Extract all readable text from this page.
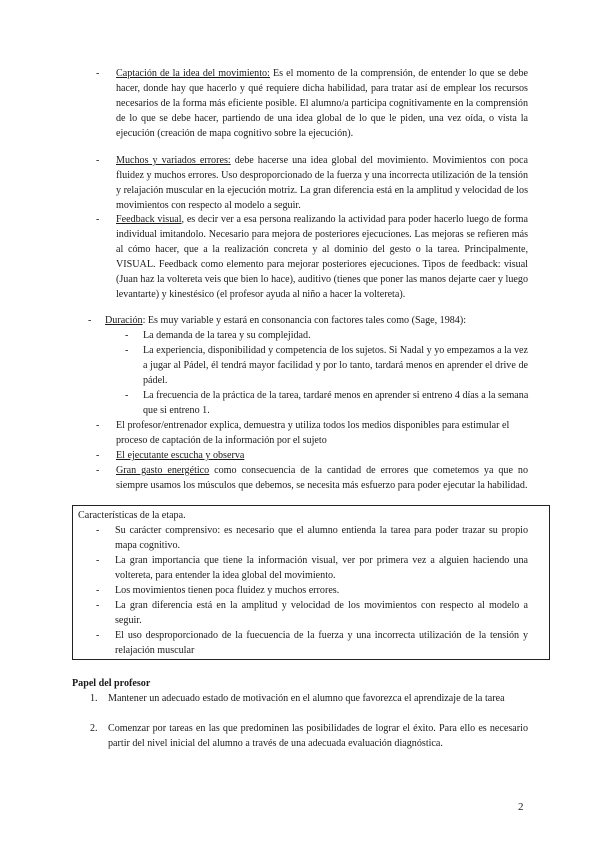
-	Captación de la idea del movimiento: Es el momento de la comprensión, de entender lo que se debe hacer, donde hay que hacerlo y qué requiere dicha habilidad, para tratar así de emplear los recursos necesarios de la forma más eficiente posible. El alumno/a participa cognitivamente en la comprensión de lo que se debe hacer, partiendo de una idea global de lo que le piden, una vez oída, o vista la ejecución (creación de mapa cognitivo sobre la ejecución).
-	Muchos y variados errores: debe hacerse una idea global del movimiento. Movimientos con poca fluidez y muchos errores. Uso desproporcionado de la fuerza y una incorrecta utilización de la tensión y relajación muscular en la ejecución motriz. La gran diferencia está en la amplitud y velocidad de los movimientos con respecto al modelo a seguir.
-	Feedback visual, es decir ver a esa persona realizando la actividad para poder hacerlo luego de forma individual imitandolo. Necesario para mejora de posteriores ejecuciones. Las mejoras se refieren más al cómo hacer, que a la realización concreta y al dominio del gesto o la tarea. Principalmente, VISUAL. Feedback como elemento para mejorar posteriores ejecuciones. Tipos de feedback: visual (Juan haz la voltereta veis que bien lo hace), auditivo (tienes que poner las manos dejarte caer y luego levantarte) y kinestésico (el profesor ayuda al niño a hacer la voltereta).
-	Duración: Es muy variable y estará en consonancia con factores tales como (Sage, 1984):
-	La demanda de la tarea y su complejidad.
-	La experiencia, disponibilidad y competencia de los sujetos. Si Nadal y yo empezamos a la vez a jugar al Pádel, él tendrá mayor facilidad y por lo tanto, tardará menos en aprender el drive de pádel.
-	La frecuencia de la práctica de la tarea, tardaré menos en aprender si entreno 4 días a la semana que si entreno 1.
-	El profesor/entrenador explica, demuestra y utiliza todos los medios disponibles para estimular el proceso de captación de la información por el sujeto
-	El ejecutante escucha y observa
-	Gran gasto energético como consecuencia de la cantidad de errores que cometemos ya que no siempre usamos los músculos que debemos, se necesita más esfuerzo para poder ejecutar la habilidad.
Características de la etapa.
-	Su carácter comprensivo: es necesario que el alumno entienda la tarea para poder trazar su propio mapa cognitivo.
-	La gran importancia que tiene la información visual, ver por primera vez a alguien haciendo una voltereta, para entender la idea global del movimiento.
-	Los movimientos tienen poca fluidez y muchos errores.
-	La gran diferencia está en la amplitud y velocidad de los movimientos con respecto al modelo a seguir.
-	El uso desproporcionado de la fuecuencia de la fuerza y una incorrecta utilización de la tensión y relajación muscular
Papel del profesor
1.	Mantener un adecuado estado de motivación en el alumno que favorezca el aprendizaje de la tarea
2.	Comenzar por tareas en las que predominen las posibilidades de lograr el éxito. Para ello es necesario partir del nivel inicial del alumno a través de una adecuada evaluación diagnóstica.
2
